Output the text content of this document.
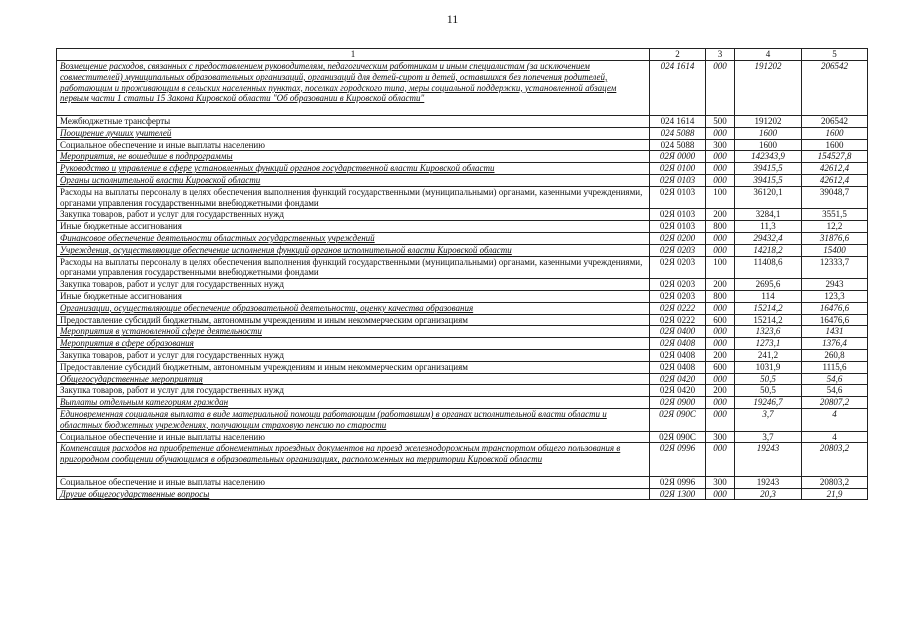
11
1	2	3	4	5
Возмещение расходов, связанных с предоставлением руководителям, педагогическим работникам и иным специалистам (за исключением совместителей) муниципальных образовательных организаций, организаций для детей-сирот и детей, оставшихся без попечения родителей, работающим и проживающим в сельских населенных пунктах, поселках городского типа, меры социальной поддержки, установленной абзацем первым части 1 статьи 15 Закона Кировской области "Об образовании в Кировской области"	024 1614	000	191202	206542
Межбюджетные трансферты	024 1614	500	191202	206542
Поощрение лучших учителей	024 5088	000	1600	1600
Социальное обеспечение и иные выплаты населению	024 5088	300	1600	1600
Мероприятия, не вошедшие в подпрограммы	02Я 0000	000	142343,9	154527,8
Руководство и управление в сфере установленных функций органов государственной власти Кировской области	02Я 0100	000	39415,5	42612,4
Органы исполнительной власти Кировской области	02Я 0103	000	39415,5	42612,4
Расходы на выплаты персоналу в целях обеспечения выполнения функций государственными (муниципальными) органами, казенными учреждениями, органами управления государственными внебюджетными фондами	02Я 0103	100	36120,1	39048,7
Закупка товаров, работ и услуг для государственных нужд	02Я 0103	200	3284,1	3551,5
Иные бюджетные ассигнования	02Я 0103	800	11,3	12,2
Финансовое обеспечение деятельности областных государственных учреждений	02Я 0200	000	29432,4	31876,6
Учреждения, осуществляющие обеспечение исполнения функций органов исполнительной власти Кировской области	02Я 0203	000	14218,2	15400
Расходы на выплаты персоналу в целях обеспечения выполнения функций государственными (муниципальными) органами, казенными учреждениями, органами управления государственными внебюджетными фондами	02Я 0203	100	11408,6	12333,7
Закупка товаров, работ и услуг для государственных нужд	02Я 0203	200	2695,6	2943
Иные бюджетные ассигнования	02Я 0203	800	114	123,3
Организации, осуществляющие обеспечение образовательной деятельности, оценку качества образования	02Я 0222	000	15214,2	16476,6
Предоставление субсидий бюджетным, автономным учреждениям и иным некоммерческим организациям	02Я 0222	600	15214,2	16476,6
Мероприятия в установленной сфере деятельности	02Я 0400	000	1323,6	1431
Мероприятия в сфере образования	02Я 0408	000	1273,1	1376,4
Закупка товаров, работ и услуг для государственных нужд	02Я 0408	200	241,2	260,8
Предоставление субсидий бюджетным, автономным учреждениям и иным некоммерческим организациям	02Я 0408	600	1031,9	1115,6
Общегосударственные мероприятия	02Я 0420	000	50,5	54,6
Закупка товаров, работ и услуг для государственных нужд	02Я 0420	200	50,5	54,6
Выплаты отдельным категориям граждан	02Я 0900	000	19246,7	20807,2
Единовременная социальная выплата в виде материальной помощи работающим (работавшим) в органах исполнительной власти области и областных бюджетных учреждениях, получающим страховую пенсию по старости	02Я 090С	000	3,7	4
Социальное обеспечение и иные выплаты населению	02Я 090С	300	3,7	4
Компенсация расходов на приобретение абонементных проездных документов на проезд железнодорожным транспортом общего пользования в пригородном сообщении обучающимся в образовательных организациях, расположенных на территории Кировской области	02Я 0996	000	19243	20803,2
Социальное обеспечение и иные выплаты населению	02Я 0996	300	19243	20803,2
Другие общегосударственные вопросы	02Я 1300	000	20,3	21,9
